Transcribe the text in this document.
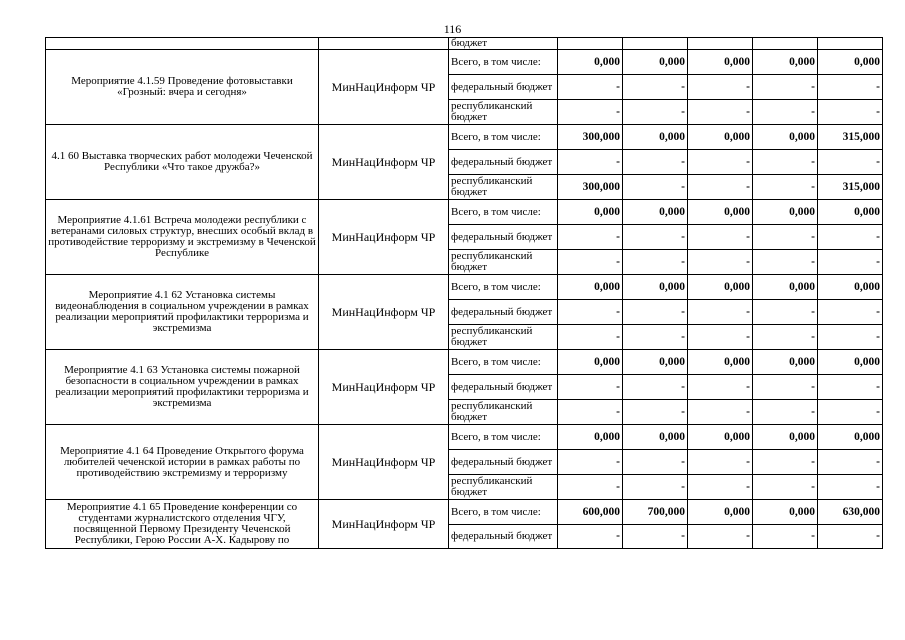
116
		бюджет					
Мероприятие 4.1.59 Проведение фотовыставки «Грозный: вчера и сегодня»	МинНацИнформ ЧР	Всего, в том числе:	0,000	0,000	0,000	0,000	0,000
		федеральный бюджет	-	-	-	-	-
		республиканский бюджет	-	-	-	-	-
4.1 60 Выставка творческих работ молодежи Чеченской Республики «Что такое дружба?»	МинНацИнформ ЧР	Всего, в том числе:	300,000	0,000	0,000	0,000	315,000
		федеральный бюджет	-	-	-	-	-
		республиканский бюджет	300,000	-	-	-	315,000
Мероприятие 4.1.61 Встреча молодежи республики с ветеранами силовых структур, внесших особый вклад в противодействие терроризму и экстремизму в Чеченской Республике	МинНацИнформ ЧР	Всего, в том числе:	0,000	0,000	0,000	0,000	0,000
		федеральный бюджет	-	-	-	-	-
		республиканский бюджет	-	-	-	-	-
Мероприятие 4.1 62 Установка системы видеонаблюдения в социальном учреждении в рамках реализации мероприятий профилактики терроризма и экстремизма	МинНацИнформ ЧР	Всего, в том числе:	0,000	0,000	0,000	0,000	0,000
		федеральный бюджет	-	-	-	-	-
		республиканский бюджет	-	-	-	-	-
Мероприятие 4.1 63 Установка системы пожарной безопасности в социальном учреждении в рамках реализации мероприятий профилактики терроризма и экстремизма	МинНацИнформ ЧР	Всего, в том числе:	0,000	0,000	0,000	0,000	0,000
		федеральный бюджет	-	-	-	-	-
		республиканский бюджет	-	-	-	-	-
Мероприятие 4.1 64 Проведение Открытого форума любителей чеченской истории в рамках работы по противодействию экстремизму и терроризму	МинНацИнформ ЧР	Всего, в том числе:	0,000	0,000	0,000	0,000	0,000
		федеральный бюджет	-	-	-	-	-
		республиканский бюджет	-	-	-	-	-
Мероприятие 4.1 65 Проведение конференции со студентами журналистского отделения ЧГУ, посвященной Первому Президенту Чеченской Республики, Герою России А-Х. Кадырову по	МинНацИнформ ЧР	Всего, в том числе:	600,000	700,000	0,000	0,000	630,000
		федеральный бюджет	-	-	-	-	-
